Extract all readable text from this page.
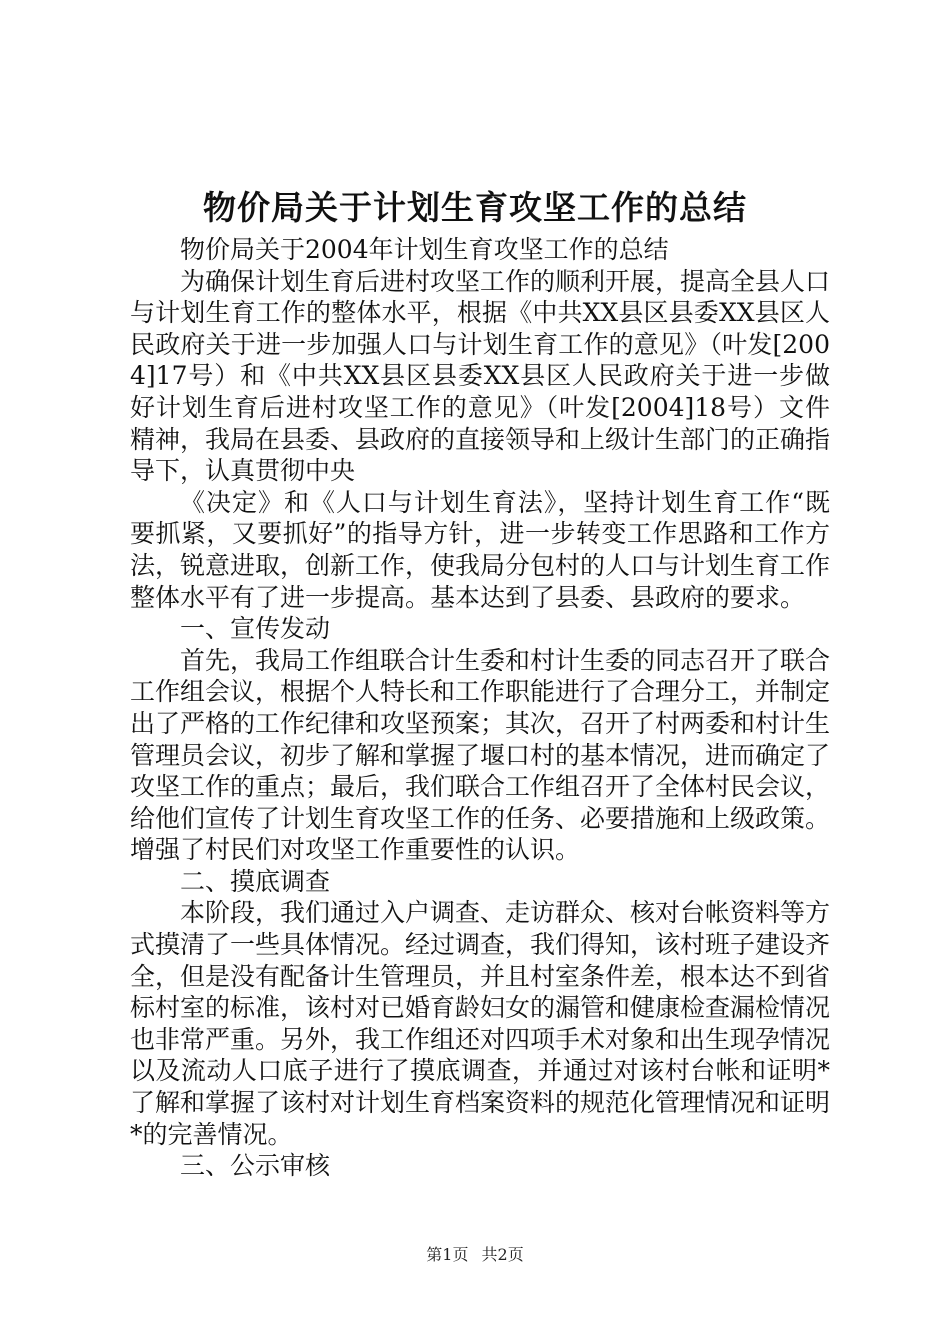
物价局关于计划生育攻坚工作的总结

物价局关于2004年计划生育攻坚工作的总结

为确保计划生育后进村攻坚工作的顺利开展，提高全县人口与计划生育工作的整体水平，根据《中共XX县区县委XX县区人民政府关于进一步加强人口与计划生育工作的意见》（叶发[2004]17号）和《中共XX县区县委XX县区人民政府关于进一步做好计划生育后进村攻坚工作的意见》（叶发[2004]18号）文件精神，我局在县委、县政府的直接领导和上级计生部门的正确指导下，认真贯彻中央

《决定》和《人口与计划生育法》，坚持计划生育工作“既要抓紧，又要抓好”的指导方针，进一步转变工作思路和工作方法，锐意进取，创新工作，使我局分包村的人口与计划生育工作整体水平有了进一步提高。基本达到了县委、县政府的要求。

一、宣传发动

首先，我局工作组联合计生委和村计生委的同志召开了联合工作组会议，根据个人特长和工作职能进行了合理分工，并制定出了严格的工作纪律和攻坚预案；其次，召开了村两委和村计生管理员会议，初步了解和掌握了堰口村的基本情况，进而确定了攻坚工作的重点；最后，我们联合工作组召开了全体村民会议，给他们宣传了计划生育攻坚工作的任务、必要措施和上级政策。增强了村民们对攻坚工作重要性的认识。

二、摸底调查

本阶段，我们通过入户调查、走访群众、核对台帐资料等方式摸清了一些具体情况。经过调查，我们得知，该村班子建设齐全，但是没有配备计生管理员，并且村室条件差，根本达不到省标村室的标准，该村对已婚育龄妇女的漏管和健康检查漏检情况也非常严重。另外，我工作组还对四项手术对象和出生现孕情况以及流动人口底子进行了摸底调查，并通过对该村台帐和证明*了解和掌握了该村对计划生育档案资料的规范化管理情况和证明*的完善情况。

三、公示审核

第1页 共2页
